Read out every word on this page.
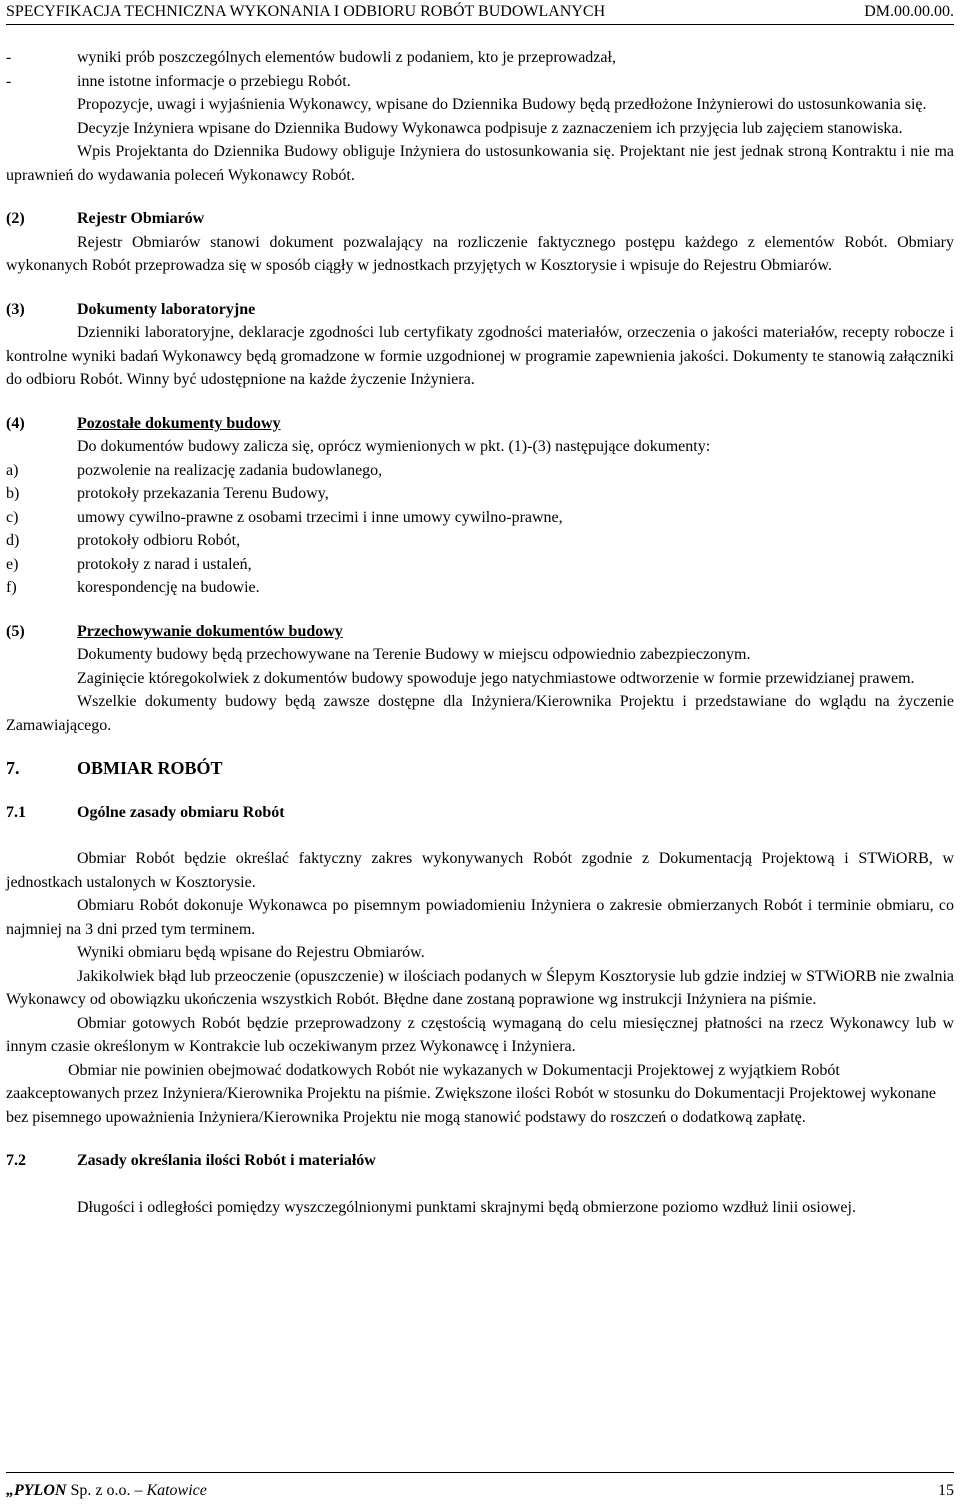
SPECYFIKACJA TECHNICZNA WYKONANIA I ODBIORU ROBÓT BUDOWLANYCH	DM.00.00.00.
-	wyniki prób poszczególnych elementów budowli z podaniem, kto je przeprowadzał,
-	inne istotne informacje o przebiegu Robót.

Propozycje, uwagi i wyjaśnienia Wykonawcy, wpisane do Dziennika Budowy będą przedłożone Inżynierowi do ustosunkowania się.

Decyzje Inżyniera wpisane do Dziennika Budowy Wykonawca podpisuje z zaznaczeniem ich przyjęcia lub zajęciem stanowiska.

Wpis Projektanta do Dziennika Budowy obliguje Inżyniera do ustosunkowania się. Projektant nie jest jednak stroną Kontraktu i nie ma uprawnień do wydawania poleceń Wykonawcy Robót.

(2)	Rejestr Obmiarów

Rejestr Obmiarów stanowi dokument pozwalający na rozliczenie faktycznego postępu każdego z elementów Robót. Obmiary wykonanych Robót przeprowadza się w sposób ciągły w jednostkach przyjętych w Kosztorysie i wpisuje do Rejestru Obmiarów.

(3)	Dokumenty laboratoryjne

Dzienniki laboratoryjne, deklaracje zgodności lub certyfikaty zgodności materiałów, orzeczenia o jakości materiałów, recepty robocze i kontrolne wyniki badań Wykonawcy będą gromadzone w formie uzgodnionej w programie zapewnienia jakości. Dokumenty te stanowią załączniki do odbioru Robót. Winny być udostępnione na każde życzenie Inżyniera.

(4)	Pozostałe dokumenty budowy

Do dokumentów budowy zalicza się, oprócz wymienionych w pkt. (1)-(3) następujące dokumenty:

a)	pozwolenie na realizację zadania budowlanego,
b)	protokoły przekazania Terenu Budowy,
c)	umowy cywilno-prawne z osobami trzecimi i inne umowy cywilno-prawne,
d)	protokoły odbioru Robót,
e)	protokoły z narad i ustaleń,
f)	korespondencję na budowie.
(5)	Przechowywanie dokumentów budowy

Dokumenty budowy będą przechowywane na Terenie Budowy w miejscu odpowiednio zabezpieczonym.

Zaginięcie któregokolwiek z dokumentów budowy spowoduje jego natychmiastowe odtworzenie w formie przewidzianej prawem.

Wszelkie dokumenty budowy będą zawsze dostępne dla Inżyniera/Kierownika Projektu i przedstawiane do wglądu na życzenie Zamawiającego.

7.	OBMIAR ROBÓT
7.1	Ogólne zasady obmiaru Robót

Obmiar Robót będzie określać faktyczny zakres wykonywanych Robót zgodnie z Dokumentacją Projektową i STWiORB, w jednostkach ustalonych w Kosztorysie.

Obmiaru Robót dokonuje Wykonawca po pisemnym powiadomieniu Inżyniera o zakresie obmierzanych Robót i terminie obmiaru, co najmniej na 3 dni przed tym terminem.

Wyniki obmiaru będą wpisane do Rejestru Obmiarów.

Jakikolwiek błąd lub przeoczenie (opuszczenie) w ilościach podanych w Ślepym Kosztorysie lub gdzie indziej w STWiORB nie zwalnia Wykonawcy od obowiązku ukończenia wszystkich Robót. Błędne dane zostaną poprawione wg instrukcji Inżyniera na piśmie.

Obmiar gotowych Robót będzie przeprowadzony z częstością wymaganą do celu miesięcznej płatności na rzecz Wykonawcy lub w innym czasie określonym w Kontrakcie lub oczekiwanym przez Wykonawcę i Inżyniera.

Obmiar nie powinien obejmować dodatkowych Robót nie wykazanych w Dokumentacji Projektowej z wyjątkiem Robót zaakceptowanych przez Inżyniera/Kierownika Projektu na piśmie. Zwiększone ilości Robót w stosunku do Dokumentacji Projektowej wykonane bez pisemnego upoważnienia Inżyniera/Kierownika Projektu nie mogą stanowić podstawy do roszczeń o dodatkową zapłatę.

7.2	Zasady określania ilości Robót i materiałów

Długości i odległości pomiędzy wyszczególnionymi punktami skrajnymi będą obmierzone poziomo wzdłuż linii osiowej.

„PYLON Sp. z o.o. – Katowice	15
